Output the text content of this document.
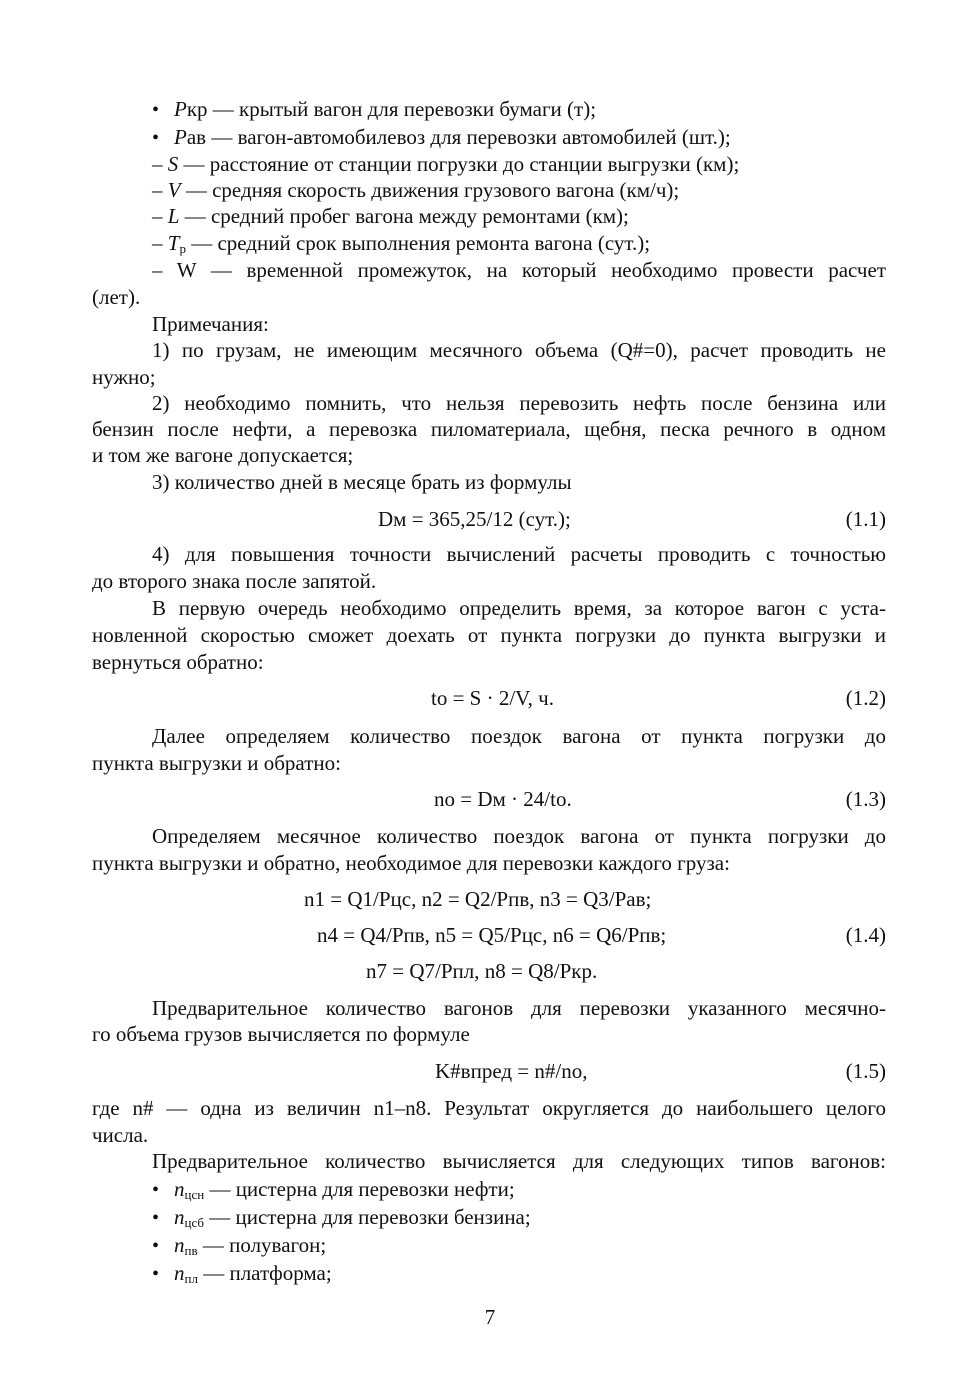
• Pкр — крытый вагон для перевозки бумаги (т);
• Pав — вагон-автомобилевоз для перевозки автомобилей (шт.);
– S — расстояние от станции погрузки до станции выгрузки (км);
– V — средняя скорость движения грузового вагона (км/ч);
– L — средний пробег вагона между ремонтами (км);
– $T_р$ — средний срок выполнения ремонта вагона (сут.);
– W — временной промежуток, на который необходимо провести расчет
(лет).
Примечания:
1) по грузам, не имеющим месячного объема (Q#=0), расчет проводить не
нужно;
2) необходимо помнить, что нельзя перевозить нефть после бензина или
бензин после нефти, а перевозка пиломатериала, щебня, песка речного в одном
и том же вагоне допускается;
3) количество дней в месяце брать из формулы
Dм = 365,25/12 (сут.);	(1.1)
4) для повышения точности вычислений расчеты проводить с точностью
до второго знака после запятой.
В первую очередь необходимо определить время, за которое вагон с уста-
новленной скоростью сможет доехать от пункта погрузки до пункта выгрузки и
вернуться обратно:
tо = S · 2/V, ч.	(1.2)
Далее определяем количество поездок вагона от пункта погрузки до
пункта выгрузки и обратно:
nо = Dм · 24/tо.	(1.3)
Определяем месячное количество поездок вагона от пункта погрузки до
пункта выгрузки и обратно, необходимое для перевозки каждого груза:
n1 = Q1/Pцс, n2 = Q2/Pпв, n3 = Q3/Pав;
n4 = Q4/Pпв, n5 = Q5/Pцс, n6 = Q6/Pпв;	(1.4)
n7 = Q7/Pпл, n8 = Q8/Pкр.
Предварительное количество вагонов для перевозки указанного месячно-
го объема грузов вычисляется по формуле
K#впред = n#/nо,	(1.5)
где n# — одна из величин n1–n8. Результат округляется до наибольшего целого
числа.
Предварительное количество вычисляется для следующих типов вагонов:
• $n_{цсн}$ — цистерна для перевозки нефти;
• $n_{цсб}$ — цистерна для перевозки бензина;
• $n_{пв}$ — полувагон;
• $n_{пл}$ — платформа;
7
